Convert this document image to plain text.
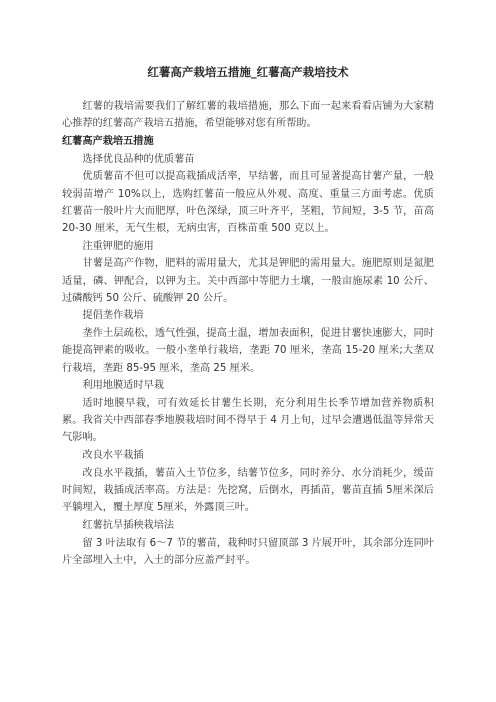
红薯高产栽培五措施_红薯高产栽培技术
红薯的栽培需要我们了解红薯的栽培措施，那么下面一起来看看店铺为大家精心推荐的红薯高产栽培五措施，希望能够对您有所帮助。
红薯高产栽培五措施
选择优良品种的优质薯苗
优质薯苗不但可以提高栽插成活率，早结薯，而且可显著提高甘薯产量，一般较弱苗增产 10%以上，选购红薯苗一般应从外观、高度、重量三方面考虑。优质红薯苗一般叶片大而肥厚，叶色深绿，顶三叶齐平，茎粗，节间短，3-5 节，苗高 20-30 厘米，无气生根，无病虫害，百株苗重 500 克以上。
注重钾肥的施用
甘薯是高产作物，肥料的需用量大，尤其是钾肥的需用量大。施肥原则是氮肥适量，磷、钾配合，以钾为主。关中西部中等肥力土壤，一般亩施尿素 10 公斤、过磷酸钙 50 公斤、硫酸钾 20 公斤。
提倡垄作栽培
垄作土层疏松，透气性强，提高土温，增加表面积，促进甘薯快速膨大，同时能提高钾素的吸收。一般小垄单行栽培，垄距 70 厘米，垄高 15-20 厘米;大垄双行栽培，垄距 85-95 厘米，垄高 25 厘米。
利用地膜适时早栽
适时地膜早栽，可有效延长甘薯生长期，充分利用生长季节增加营养物质积累。我省关中西部春季地膜栽培时间不得早于 4 月上旬，过早会遭遇低温等异常天气影响。
改良水平栽插
改良水平栽插，薯苗入土节位多，结薯节位多，同时养分、水分消耗少，缓苗时间短，栽插成活率高。方法是：先挖窝，后倒水，再插苗，薯苗直插 5厘米深后平躺埋入，覆土厚度 5厘米，外露顶三叶。
红薯抗旱插秧栽培法
留 3 叶法取有 6～7 节的薯苗，栽种时只留顶部 3 片展开叶，其余部分连同叶片全部埋入土中，入土的部分应盖严封平。
